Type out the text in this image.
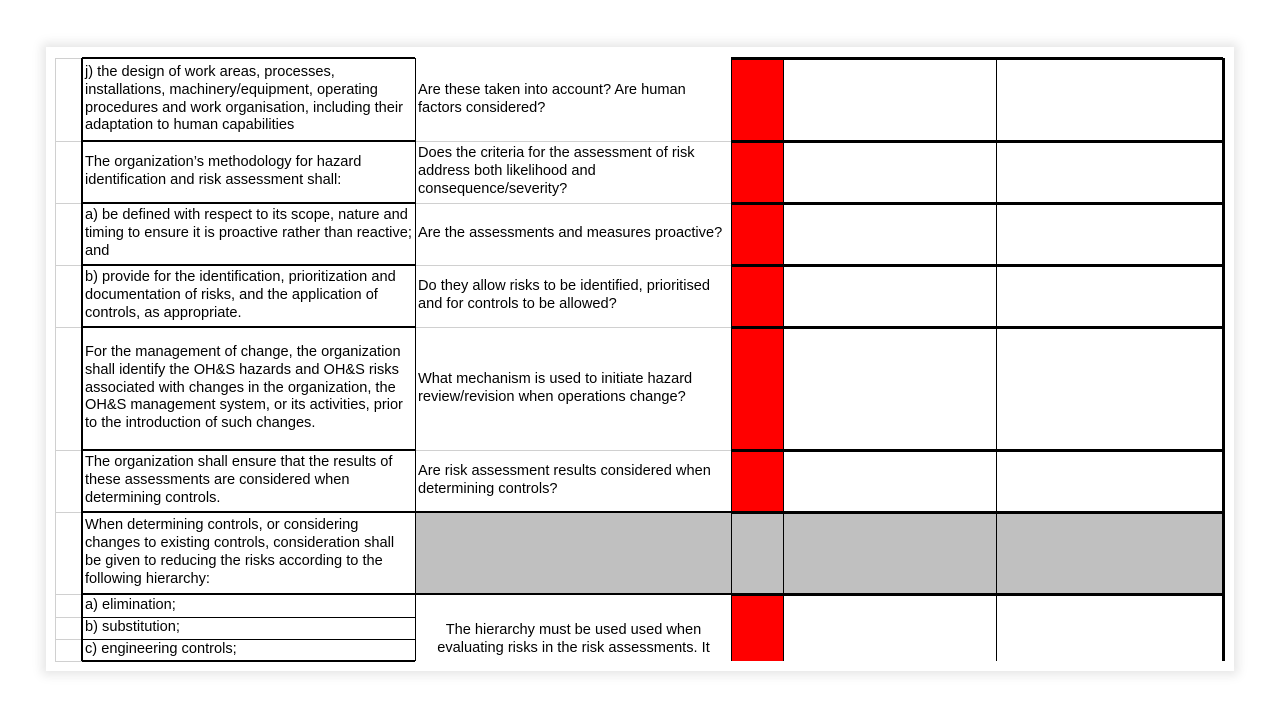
j) the design of work areas, processes, installations, machinery/equipment, operating procedures and work organisation, including their adaptation to human capabilities
Are these taken into account? Are human factors considered?
The organization’s methodology for hazard identification and risk assessment shall:
Does the criteria for the assessment of risk address both likelihood and consequence/severity?
a) be defined with respect to its scope, nature and timing to ensure it is proactive rather than reactive; and
Are the assessments and measures proactive?
b) provide for the identification, prioritization and documentation of risks, and the application of controls, as appropriate.
Do they allow risks to be identified, prioritised and for controls to be allowed?
For the management of change, the organization shall identify the OH&S hazards and OH&S risks associated with changes in the organization, the OH&S management system, or its activities, prior to the introduction of such changes.
What mechanism is used to initiate hazard review/revision when operations change?
The organization shall ensure that the results of these assessments are considered when determining controls.
Are risk assessment results considered when determining controls?
When determining controls, or considering changes to existing controls, consideration shall be given to reducing the risks according to the following hierarchy:
a) elimination;
b) substitution;
c) engineering controls;
The hierarchy must be used used when evaluating risks in the risk assessments. It
